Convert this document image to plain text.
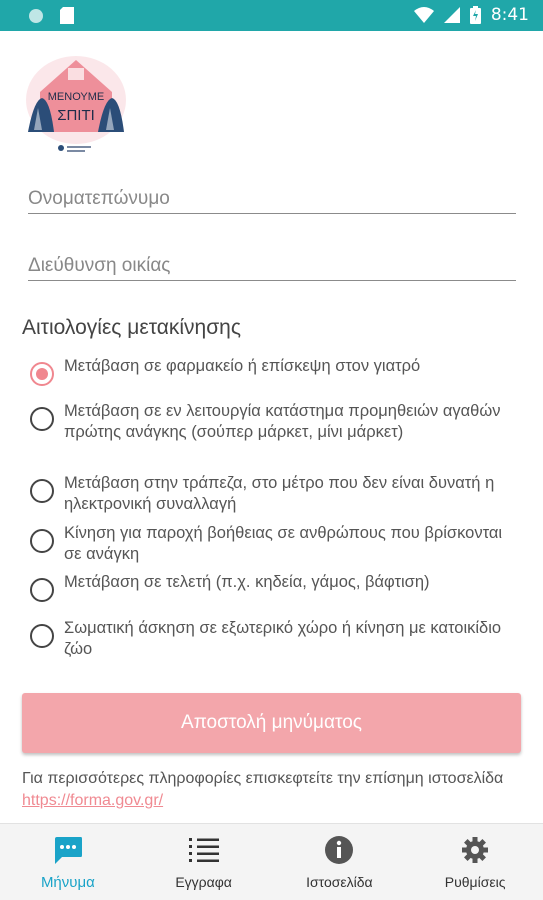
8:41
ΜΕΝΟΥΜΕ
ΣΠΙΤΙ
Ονοματεπώνυμο
Διεύθυνση οικίας
Αιτιολογίες μετακίνησης
Μετάβαση σε φαρμακείο ή επίσκεψη στον γιατρό
Μετάβαση σε εν λειτουργία κατάστημα προμηθειών αγαθών πρώτης ανάγκης (σούπερ μάρκετ, μίνι μάρκετ)
Μετάβαση στην τράπεζα, στο μέτρο που δεν είναι δυνατή η ηλεκτρονική συναλλαγή
Κίνηση για παροχή βοήθειας σε ανθρώπους που βρίσκονται σε ανάγκη
Μετάβαση σε τελετή (π.χ. κηδεία, γάμος, βάφτιση)
Σωματική άσκηση σε εξωτερικό χώρο ή κίνηση με κατοικίδιο ζώο
Αποστολή μηνύματος
Για περισσότερες πληροφορίες επισκεφτείτε την επίσημη ιστοσελίδα https://forma.gov.gr/
Μήνυμα	Εγγραφα	Ιστοσελίδα	Ρυθμίσεις
